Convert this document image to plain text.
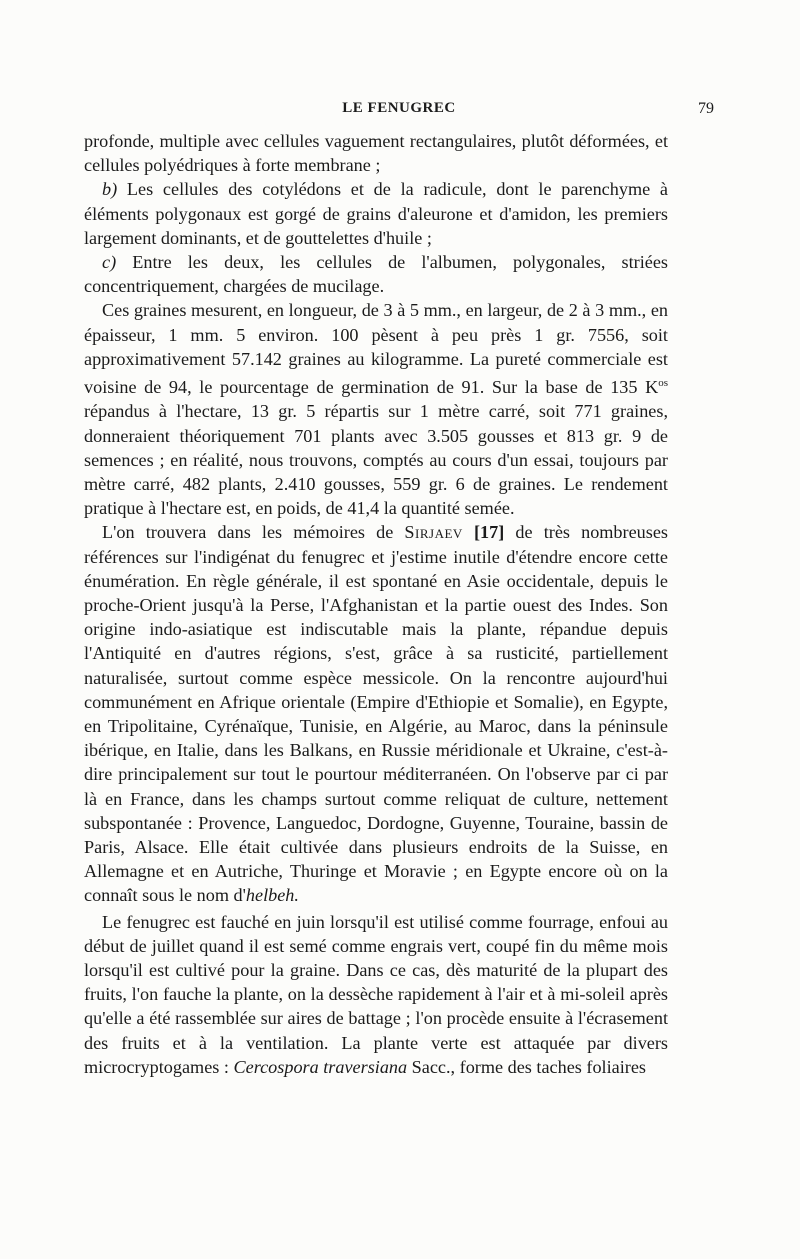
LE FENUGREC	79

profonde, multiple avec cellules vaguement rectangulaires, plutôt déformées, et cellules polyédriques à forte membrane ;

b) Les cellules des cotylédons et de la radicule, dont le parenchyme à éléments polygonaux est gorgé de grains d'aleurone et d'amidon, les premiers largement dominants, et de gouttelettes d'huile ;

c) Entre les deux, les cellules de l'albumen, polygonales, striées concentriquement, chargées de mucilage.

Ces graines mesurent, en longueur, de 3 à 5 mm., en largeur, de 2 à 3 mm., en épaisseur, 1 mm. 5 environ. 100 pèsent à peu près 1 gr. 7556, soit approximativement 57.142 graines au kilogramme. La pureté commerciale est voisine de 94, le pourcentage de germination de 91. Sur la base de 135 $K^{os}$ répandus à l'hectare, 13 gr. 5 répartis sur 1 mètre carré, soit 771 graines, donneraient théoriquement 701 plants avec 3.505 gousses et 813 gr. 9 de semences ; en réalité, nous trouvons, comptés au cours d'un essai, toujours par mètre carré, 482 plants, 2.410 gousses, 559 gr. 6 de graines. Le rendement pratique à l'hectare est, en poids, de 41,4 la quantité semée.

L'on trouvera dans les mémoires de Sirjaev [17] de très nombreuses références sur l'indigénat du fenugrec et j'estime inutile d'étendre encore cette énumération. En règle générale, il est spontané en Asie occidentale, depuis le proche-Orient jusqu'à la Perse, l'Afghanistan et la partie ouest des Indes. Son origine indo-asiatique est indiscutable mais la plante, répandue depuis l'Antiquité en d'autres régions, s'est, grâce à sa rusticité, partiellement naturalisée, surtout comme espèce messicole. On la rencontre aujourd'hui communément en Afrique orientale (Empire d'Ethiopie et Somalie), en Egypte, en Tripolitaine, Cyrénaïque, Tunisie, en Algérie, au Maroc, dans la péninsule ibérique, en Italie, dans les Balkans, en Russie méridionale et Ukraine, c'est-à-dire principalement sur tout le pourtour méditerranéen. On l'observe par ci par là en France, dans les champs surtout comme reliquat de culture, nettement subspontanée : Provence, Languedoc, Dordogne, Guyenne, Touraine, bassin de Paris, Alsace. Elle était cultivée dans plusieurs endroits de la Suisse, en Allemagne et en Autriche, Thuringe et Moravie ; en Egypte encore où on la connaît sous le nom d'helbeh.

Le fenugrec est fauché en juin lorsqu'il est utilisé comme fourrage, enfoui au début de juillet quand il est semé comme engrais vert, coupé fin du même mois lorsqu'il est cultivé pour la graine. Dans ce cas, dès maturité de la plupart des fruits, l'on fauche la plante, on la dessèche rapidement à l'air et à mi-soleil après qu'elle a été rassemblée sur aires de battage ; l'on procède ensuite à l'écrasement des fruits et à la ventilation. La plante verte est attaquée par divers microcryptogames : Cercospora traversiana Sacc., forme des taches foliaires
